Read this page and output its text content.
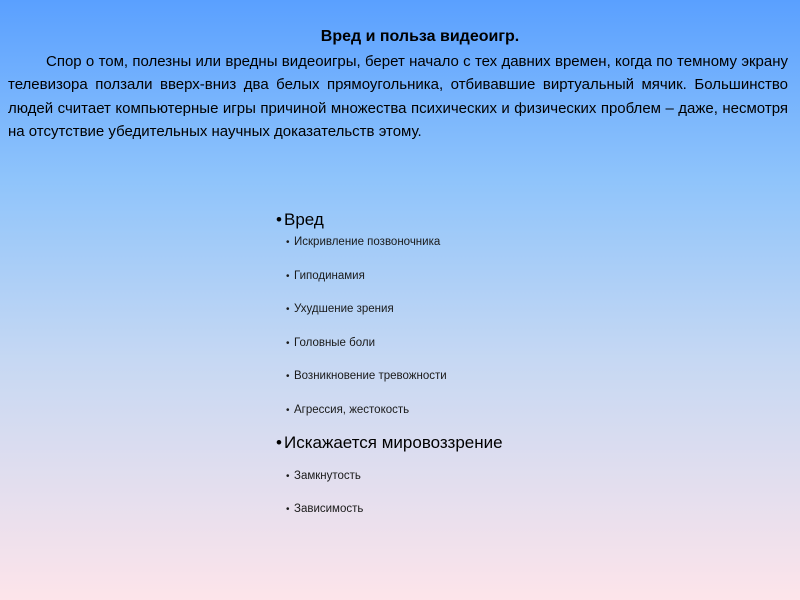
Вред и польза видеоигр.

Спор о том, полезны или вредны видеоигры, берет начало с тех давних времен, когда по темному экрану телевизора ползали вверх-вниз два белых прямоугольника, отбивавшие виртуальный мячик. Большинство людей считает компьютерные игры причиной множества психических и физических проблем – даже, несмотря на отсутствие убедительных научных доказательств этому.

• Вред
• Искривление позвоночника
• Гиподинамия
• Ухудшение зрения
• Головные боли
• Возникновение тревожности
• Агрессия, жестокость
• Искажается мировоззрение
• Замкнутость
• Зависимость
